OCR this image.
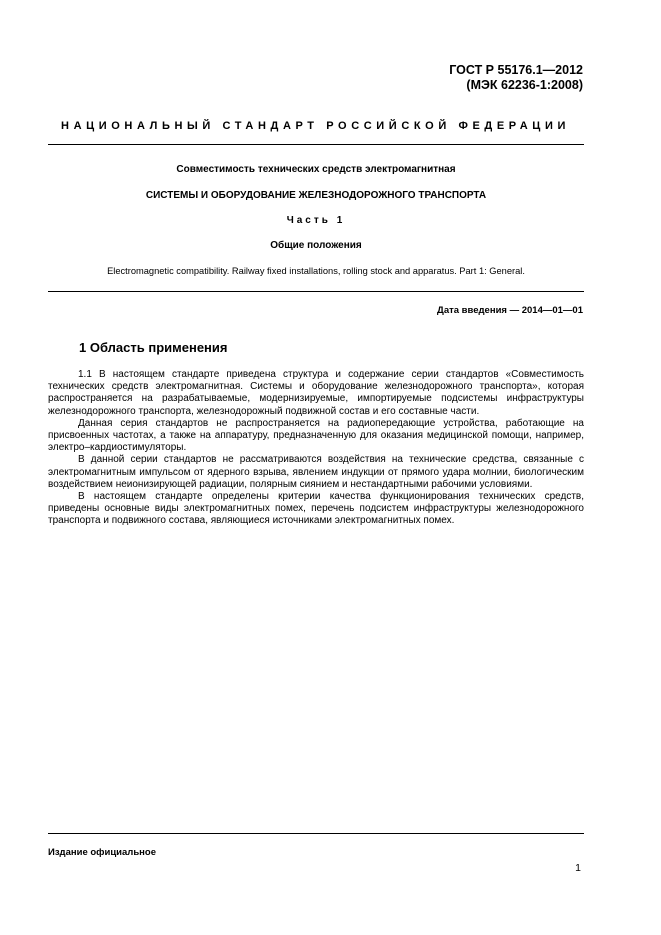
ГОСТ Р 55176.1—2012
(МЭК 62236-1:2008)
НАЦИОНАЛЬНЫЙ СТАНДАРТ РОССИЙСКОЙ ФЕДЕРАЦИИ
Совместимость технических средств электромагнитная
СИСТЕМЫ И ОБОРУДОВАНИЕ ЖЕЛЕЗНОДОРОЖНОГО ТРАНСПОРТА
Часть 1
Общие положения
Electromagnetic compatibility. Railway fixed installations, rolling stock and apparatus. Part 1: General.
Дата введения — 2014—01—01
1 Область применения

1.1 В настоящем стандарте приведена структура и содержание серии стандартов «Совместимость технических средств электромагнитная. Системы и оборудование железнодорожного транспорта», которая распространяется на разрабатываемые, модернизируемые, импортируемые подсистемы инфраструктуры железнодорожного транспорта, железнодорожный подвижной состав и его составные части.

Данная серия стандартов не распространяется на радиопередающие устройства, работающие на присвоенных частотах, а также на аппаратуру, предназначенную для оказания медицинской помощи, например, электро–кардиостимуляторы.

В данной серии стандартов не рассматриваются воздействия на технические средства, связанные с электромагнитным импульсом от ядерного взрыва, явлением индукции от прямого удара молнии, биологическим воздействием неионизирующей радиации, полярным сиянием и нестандартными рабочими условиями.

В настоящем стандарте определены критерии качества функционирования технических средств, приведены основные виды электромагнитных помех, перечень подсистем инфраструктуры железнодорожного транспорта и подвижного состава, являющиеся источниками электромагнитных помех.

Издание официальное
1
